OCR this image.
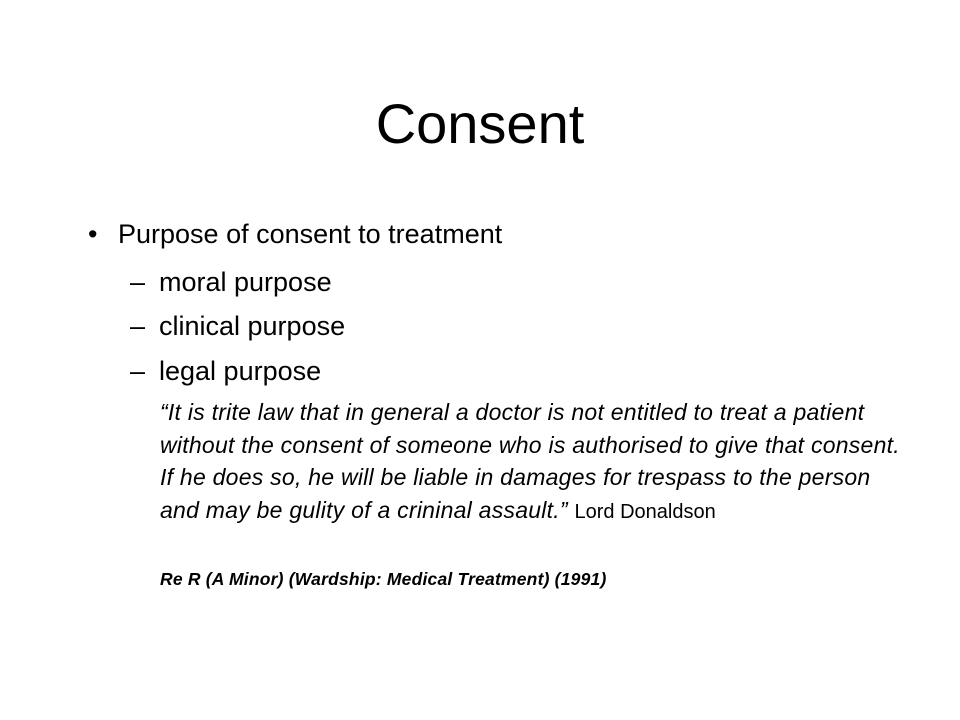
Consent
• Purpose of consent to treatment
– moral purpose
– clinical purpose
– legal purpose
“It is trite law that in general a doctor is not entitled to treat a patient without the consent of someone who is authorised to give that consent. If he does so, he will be liable in damages for trespass to the person and may be gulity of a crininal assault.” Lord Donaldson
Re R (A Minor) (Wardship: Medical Treatment) (1991)
